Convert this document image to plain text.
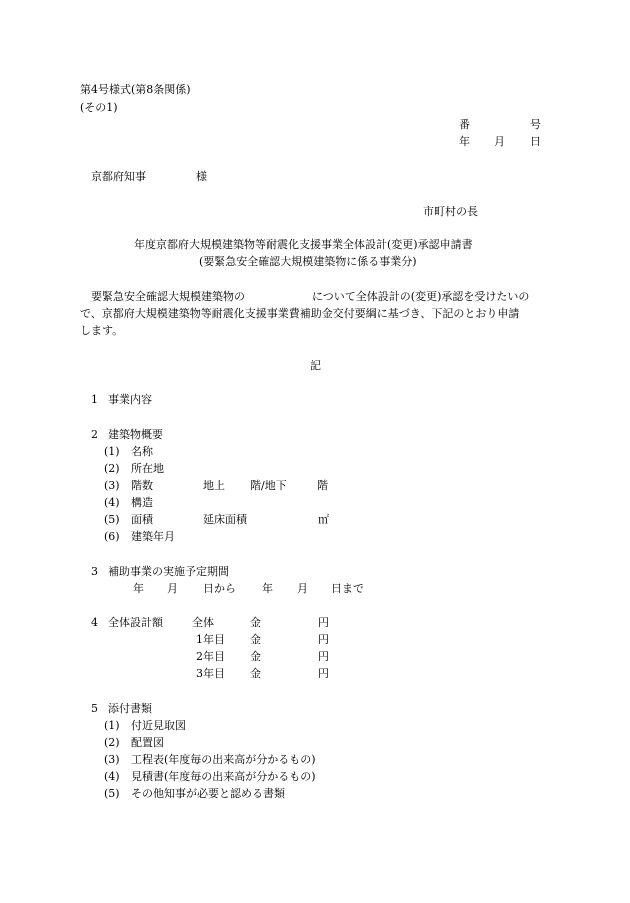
第4号様式(第8条関係)
(その1)
番	号
年 月 日
京都府知事	様
市町村の長
年度京都府大規模建築物等耐震化支援事業全体設計(変更)承認申請書
(要緊急安全確認大規模建築物に係る事業分)
要緊急安全確認大規模建築物の	について全体設計の(変更)承認を受けたいの
で、京都府大規模建築物等耐震化支援事業費補助金交付要綱に基づき、下記のとおり申請
します。
記
1 事業内容
2 建築物概要
(1) 名称
(2) 所在地
(3) 階数	地上 階/地下	階
(4) 構造
(5) 面積	延床面積	㎡
(6) 建築年月
3 補助事業の実施予定期間
年 月 日から 年 月 日まで
4 全体設計額	全体	金	円
1年目 金	円
2年目 金	円
3年目 金	円
5 添付書類
(1) 付近見取図
(2) 配置図
(3) 工程表(年度毎の出来高が分かるもの)
(4) 見積書(年度毎の出来高が分かるもの)
(5) その他知事が必要と認める書類
